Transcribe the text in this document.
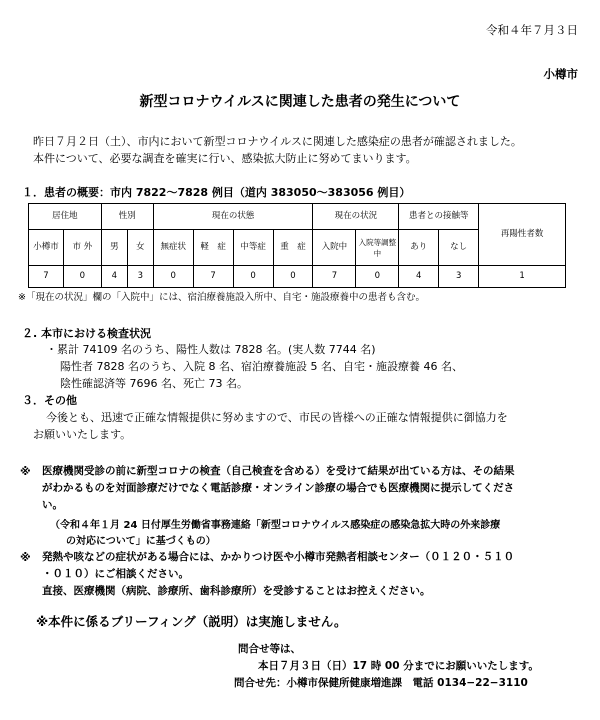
令和４年７月３日
小樽市
新型コロナウイルスに関連した患者の発生について
昨日７月２日（土）、市内において新型コロナウイルスに関連した感染症の患者が確認されました。
本件について、必要な調査を確実に行い、感染拡大防止に努めてまいります。
１．患者の概要：市内 7822〜7828 例目（道内 383050〜383056 例目）
居住地		性別		現在の状態				現在の状況		患者との接触等		再陽性者数
小樽市	市 外	男	女	無症状	軽　症	中等症	重　症	入院中	入院等調整中	あり	なし	
7	0	4	3	0	7	0	0	7	0	4	3	1
※「現在の状況」欄の「入院中」には、宿泊療養施設入所中、自宅・施設療養中の患者も含む。
２. 本市における検査状況
・累計 74109 名のうち、陽性人数は 7828 名。(実人数 7744 名)
陽性者 7828 名のうち、入院 8 名、宿泊療養施設 5 名、自宅・施設療養 46 名、
陰性確認済等 7696 名、死亡 73 名。
３．その他
今後とも、迅速で正確な情報提供に努めますので、市民の皆様への正確な情報提供に御協力を
お願いいたします。
※ 医療機関受診の前に新型コロナの検査（自己検査を含める）を受けて結果が出ている方は、その結果
がわかるものを対面診療だけでなく電話診療・オンライン診療の場合でも医療機関に提示してくださ
い。
（令和４年１月 24 日付厚生労働省事務連絡「新型コロナウイルス感染症の感染急拡大時の外来診療
の対応について」に基づくもの）
※ 発熱や咳などの症状がある場合には、かかりつけ医や小樽市発熱者相談センター（０１２０・５１０
・０１０）にご相談ください。
直接、医療機関（病院、診療所、歯科診療所）を受診することはお控えください。
※本件に係るブリーフィング（説明）は実施しません。
問合せ等は、
本日７月３日（日）17 時 00 分までにお願いいたします。
問合せ先：小樽市保健所健康増進課　電話 0134−22−3110
